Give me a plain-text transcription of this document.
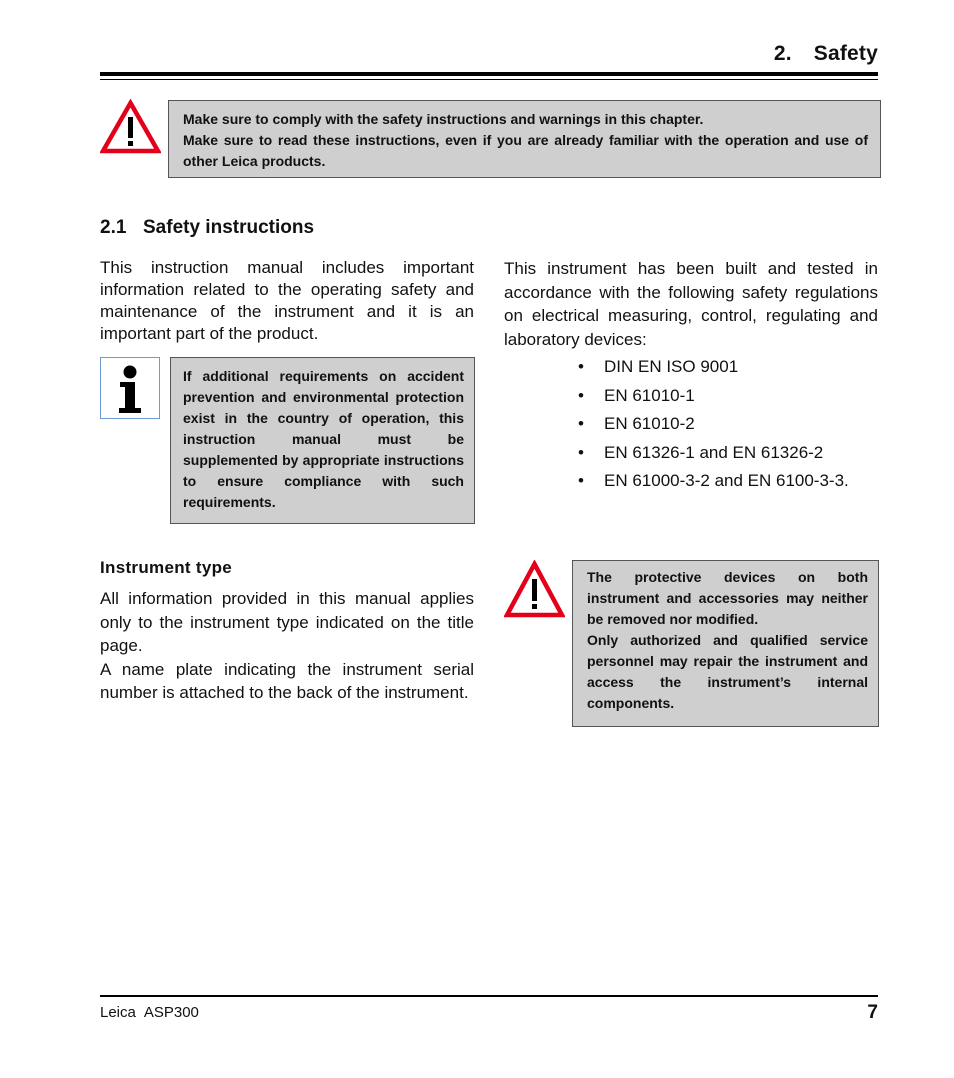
2. Safety

Make sure to comply with the safety instructions and warnings in this chapter.

Make sure to read these instructions, even if you are already familiar with the operation and use of other Leica products.

2.1 Safety instructions
This instruction manual includes important information related to the operating safety and maintenance of the instrument and it is an important part of the product.

If additional requirements on accident prevention and environmental protection exist in the country of operation, this instruction manual must be supplemented by appropriate instructions to ensure compliance with such requirements.

Instrument type
All information provided in this manual applies only to the instrument type indicated on the title page.
A name plate indicating the instrument serial number is attached to the back of the instrument.
This instrument has been built and tested in accordance with the following safety regulations on electrical measuring, control, regulating and laboratory devices:
• DIN EN ISO 9001
• EN 61010-1
• EN 61010-2
• EN 61326-1 and EN 61326-2
• EN 61000-3-2 and EN 6100-3-3.

The protective devices on both instrument and accessories may neither be removed nor modified.

Only authorized and qualified service personnel may repair the instrument and access the instrument’s internal components.

Leica ASP300	7
